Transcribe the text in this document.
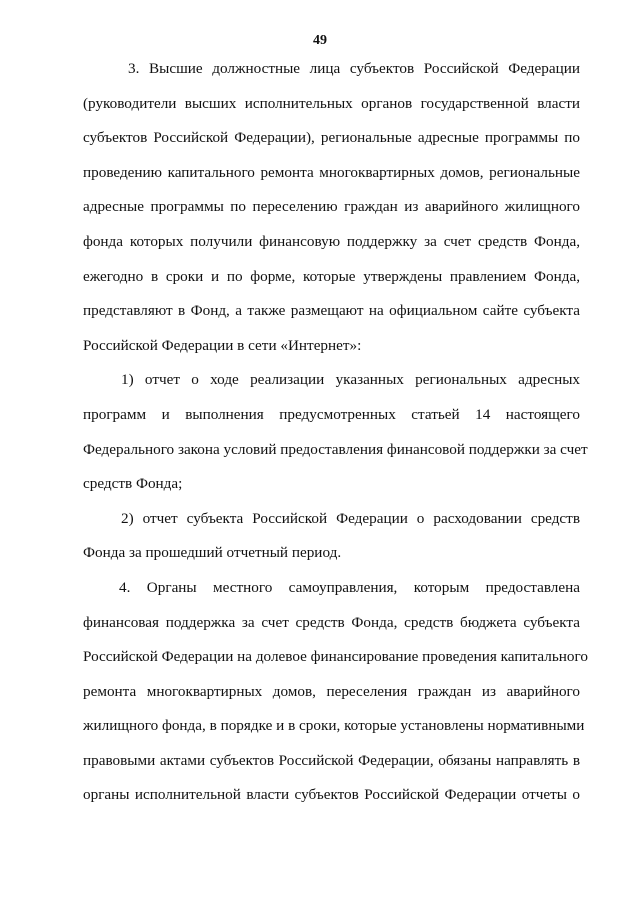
49
3. Высшие должностные лица субъектов Российской Федерации
(руководители высших исполнительных органов государственной власти
субъектов Российской Федерации), региональные адресные программы по
проведению капитального ремонта многоквартирных домов, региональные
адресные программы по переселению граждан из аварийного жилищного
фонда которых получили финансовую поддержку за счет средств Фонда,
ежегодно в сроки и по форме, которые утверждены правлением Фонда,
представляют в Фонд, а также размещают на официальном сайте субъекта
Российской Федерации в сети «Интернет»:
1) отчет о ходе реализации указанных региональных адресных
программ и выполнения предусмотренных статьей 14 настоящего
Федерального закона условий предоставления финансовой поддержки за счет
средств Фонда;
2) отчет субъекта Российской Федерации о расходовании средств
Фонда за прошедший отчетный период.
4. Органы местного самоуправления, которым предоставлена
финансовая поддержка за счет средств Фонда, средств бюджета субъекта
Российской Федерации на долевое финансирование проведения капитального
ремонта многоквартирных домов, переселения граждан из аварийного
жилищного фонда, в порядке и в сроки, которые установлены нормативными
правовыми актами субъектов Российской Федерации, обязаны направлять в
органы исполнительной власти субъектов Российской Федерации отчеты о
